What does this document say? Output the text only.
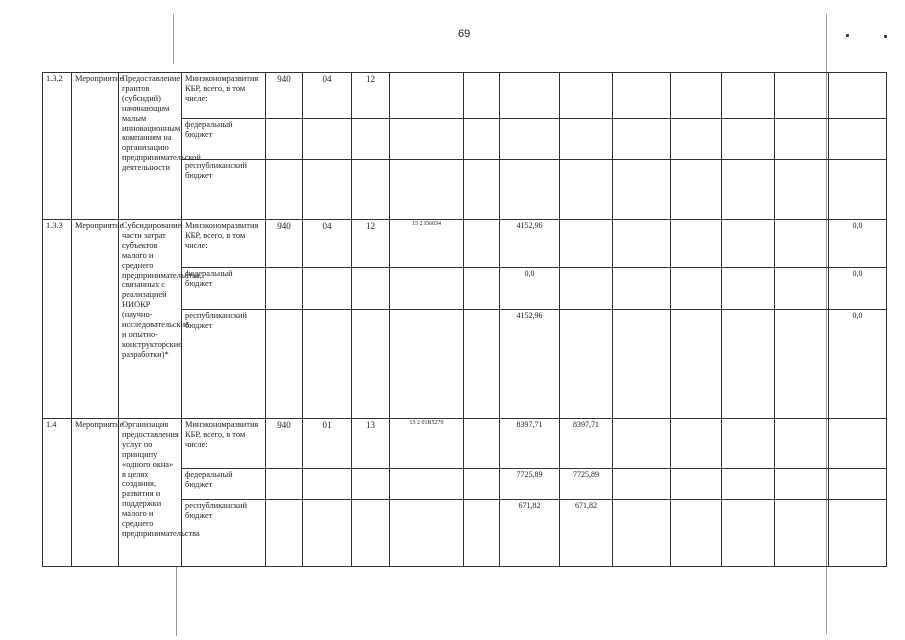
69
1.3.2	Мероприятие	Предоставление грантов (субсидий) начинающим малым инновационным компаниям на организацию предпринимательской деятельности	Минэкономразвития КБР, всего, в том числе:	940	04	12									
			федеральный бюджет												
			республиканский бюджет												
1.3.3	Мероприятие	Субсидирование части затрат субъектов малого и среднего предпринимательства, связанных с реализацией НИОКР (научно-исследовательские и опытно-конструкторские разработки)*	Минэкономразвития КБР, всего, в том числе:	940	04	12	15 2 I56034		4152,96						0,0
			федеральный бюджет						0,0						0,0
			республиканский бюджет						4152,96						0,0
1.4	Мероприятие	Организация предоставления услуг по принципу «одного окна» в целях создания, развития и поддержки малого и среднего предпринимательства	Минэкономразвития КБР, всего, в том числе:	940	01	13	15 2 01R5270		8397,71	8397,71					
			федеральный бюджет						7725,89	7725,89					
			республиканский бюджет						671,82	671,82					
